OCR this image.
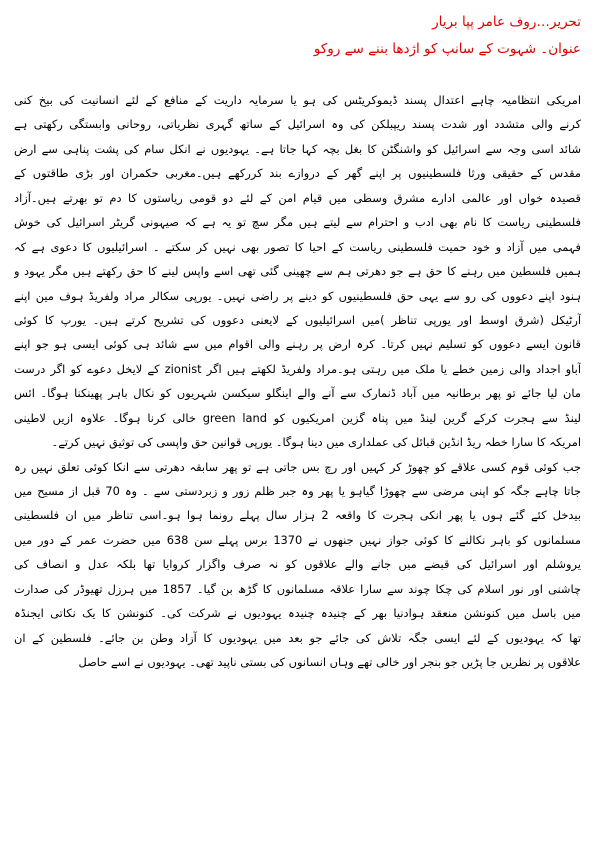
تحریر…روف عامر پپا بریار
عنوان۔ شہوت کے سانپ کو اژدھا بننے سے روکو
امریکی انتظامیہ چاہے اعتدال پسند ڈیموکریٹس کی ہو یا سرمایہ داریت کے منافع کے لئے انسانیت کی بیخ کنی
کرنے والی متشدد اور شدت پسند ریپبلکن کی وہ اسرائیل کے ساتھ گہری نظریاتی، روحانی وابستگی رکھتی ہے
شائد اسی وجہ سے اسرائیل کو واشنگٹن کا بغل بچہ کہا جاتا ہے۔ یہودیوں نے انکل سام کی پشت پناہی سے ارض
مقدس کے حقیقی ورثا فلسطینیوں پر اپنے گھر کے دروازے بند کررکھے ہیں۔مغربی حکمران اور بڑی طاقتوں کے
قصیدہ خواں اور عالمی ادارے مشرق وسطی میں قیام امن کے لئے دو قومی ریاستوں کا دم تو بھرتے ہیں۔آزاد
فلسطینی ریاست کا نام بھی ادب و احترام سے لیتے ہیں مگر سچ تو یہ ہے کہ صیہونی گریٹر اسرائیل کی خوش
فہمی میں آزاد و خود حمیت فلسطینی ریاست کے احیا کا تصور بھی نہیں کر سکتے ۔ اسرائیلیوں کا دعوی ہے کہ
ہمیں فلسطین میں رہنے کا حق ہے جو دھرتی ہم سے چھینی گئی تھی اسے واپس لینے کا حق رکھتے ہیں مگر یہود و
ہنود اپنے دعووں کی رو سے یہی حق فلسطینیوں کو دینے پر راضی نہیں۔ یورپی سکالر مراد ولفریڈ ہوف مین اپنے
آرٹیکل (شرق اوسط اور یورپی تناظر )میں اسرائیلیوں کے لایعنی دعووں کی تشریح کرتے ہیں۔ یورپ کا کوئی
قانون ایسے دعووں کو تسلیم نہیں کرتا۔ کرہ ارض پر رہنے والی اقوام میں سے شائد ہی کوئی ایسی ہو جو اپنے
آباو اجداد والی زمین خطے یا ملک میں رہتی ہو۔مراد ولفریڈ لکھتے ہیں اگر zionist کے لایخل دعوے کو اگر درست
مان لیا جائے تو پھر برطانیہ میں آباد ڈنمارک سے آنے والے اینگلو سیکسن شہریوں کو نکال باہر پھینکنا ہوگا۔ ائس
لینڈ سے ہجرت کرکے گرین لینڈ میں پناہ گزین امریکیوں کو green land خالی کرنا ہوگا۔ علاوہ ازیں لاطینی
امریکہ کا سارا خطہ ریڈ انڈین قبائل کی عملداری میں دینا ہوگا۔ یورپی قوانین حق واپسی کی توثیق نہیں کرتے۔
جب کوئی قوم کسی علاقے کو چھوڑ کر کہیں اور رچ بس جاتی ہے تو پھر سابقہ دھرتی سے انکا کوئی تعلق نہیں رہ
جاتا چاہے جگہ کو اپنی مرضی سے چھوڑا گیاہو یا پھر وہ جبر ظلم زور و زبردستی سے ۔ وہ 70 قبل از مسیح میں
بیدخل کئے گئے ہوں یا پھر انکی ہجرت کا واقعہ 2 ہزار سال پہلے رونما ہوا ہو۔اسی تناظر میں ان فلسطینی
مسلمانوں کو باہر نکالنے کا کوئی جواز نہیں جنھوں نے 1370 برس پہلے سن 638 میں حضرت عمر کے دور میں
یروشلم اور اسرائیل کی قبضے میں جانے والے علاقوں کو نہ صرف واگزار کروایا تھا بلکہ عدل و انصاف کی
چاشنی اور نور اسلام کی چکا چوند سے سارا علاقہ مسلمانوں کا گڑھ بن گیا۔ 1857 میں ہرزل تھیوڈر کی صدارت
میں باسل میں کنونشن منعقد ہوادنیا بھر کے چنیدہ چنیدہ یہودیوں نے شرکت کی۔ کنونشن کا یک نکاتی ایجنڈہ
تھا کہ یہودیوں کے لئے ایسی جگہ تلاش کی جائے جو بعد میں یہودیوں کا آزاد وطن بن جائے۔ فلسطین کے ان
علاقوں پر نظریں جا پڑیں جو بنجر اور خالی تھے وہاں انسانوں کی بستی ناپید تھی۔ یہودیوں نے اسے حاصل
